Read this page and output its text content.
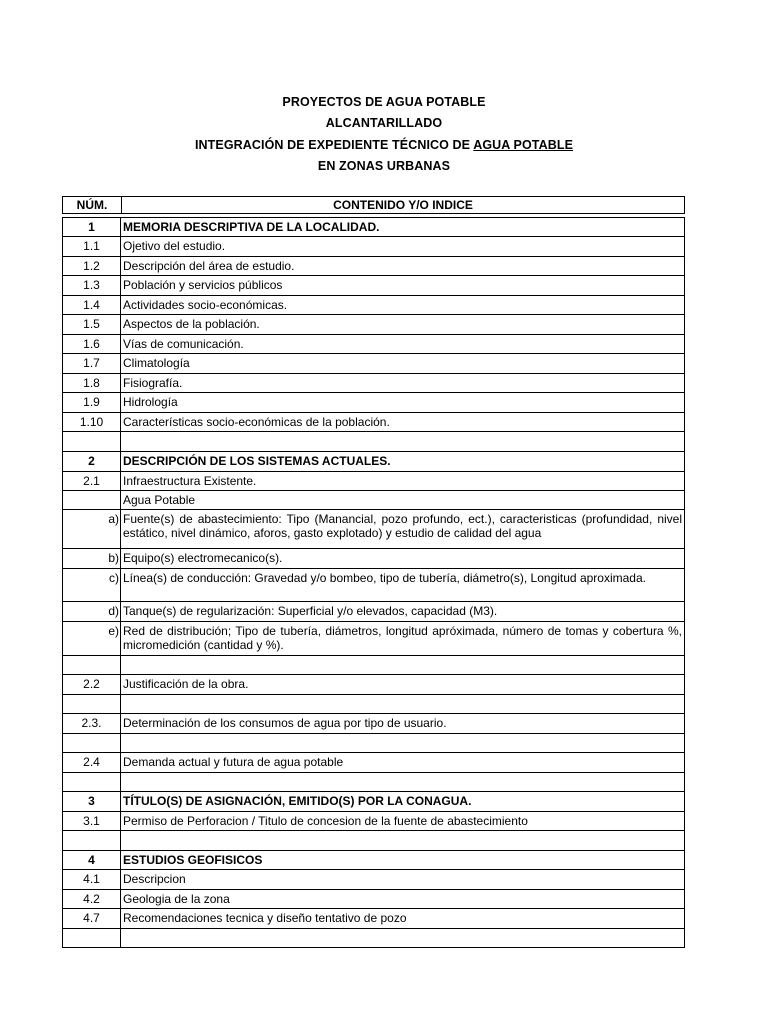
PROYECTOS DE AGUA POTABLE
ALCANTARILLADO
INTEGRACIÓN DE EXPEDIENTE TÉCNICO DE AGUA POTABLE
EN ZONAS URBANAS
NÚM.	CONTENIDO Y/O INDICE
1	MEMORIA DESCRIPTIVA DE LA LOCALIDAD.
1.1	Ojetivo del estudio.
1.2	Descripción del área de estudio.
1.3	Población y servicios públicos
1.4	Actividades socio-económicas.
1.5	Aspectos de la población.
1.6	Vías de comunicación.
1.7	Climatología
1.8	Fisiografía.
1.9	Hidrología
1.10	Características socio-económicas de la población.
2	DESCRIPCIÓN DE LOS SISTEMAS ACTUALES.
2.1	Infraestructura Existente.
Agua Potable
a) Fuente(s) de abastecimiento: Tipo (Manancial, pozo profundo, ect.), caracteristicas (profundidad, nivel estático, nivel dinámico, aforos, gasto explotado) y estudio de calidad del agua
b) Equipo(s) electromecanico(s).
c) Línea(s) de conducción: Gravedad y/o bombeo, tipo de tubería, diámetro(s), Longitud aproximada.
d) Tanque(s) de regularización: Superficial y/o elevados, capacidad (M3).
e) Red de distribución; Tipo de tubería, diámetros, longitud apróximada, número de tomas y cobertura %, micromedición (cantidad y %).
2.2	Justificación de la obra.
2.3.	Determinación de los consumos de agua por tipo de usuario.
2.4	Demanda actual y futura de agua potable
3	TÍTULO(S) DE ASIGNACIÓN, EMITIDO(S) POR LA CONAGUA.
3.1	Permiso de Perforacion / Titulo de concesion de la fuente de abastecimiento
4	ESTUDIOS GEOFISICOS
4.1	Descripcion
4.2	Geologia de la zona
4.7	Recomendaciones tecnica y diseño tentativo de pozo
